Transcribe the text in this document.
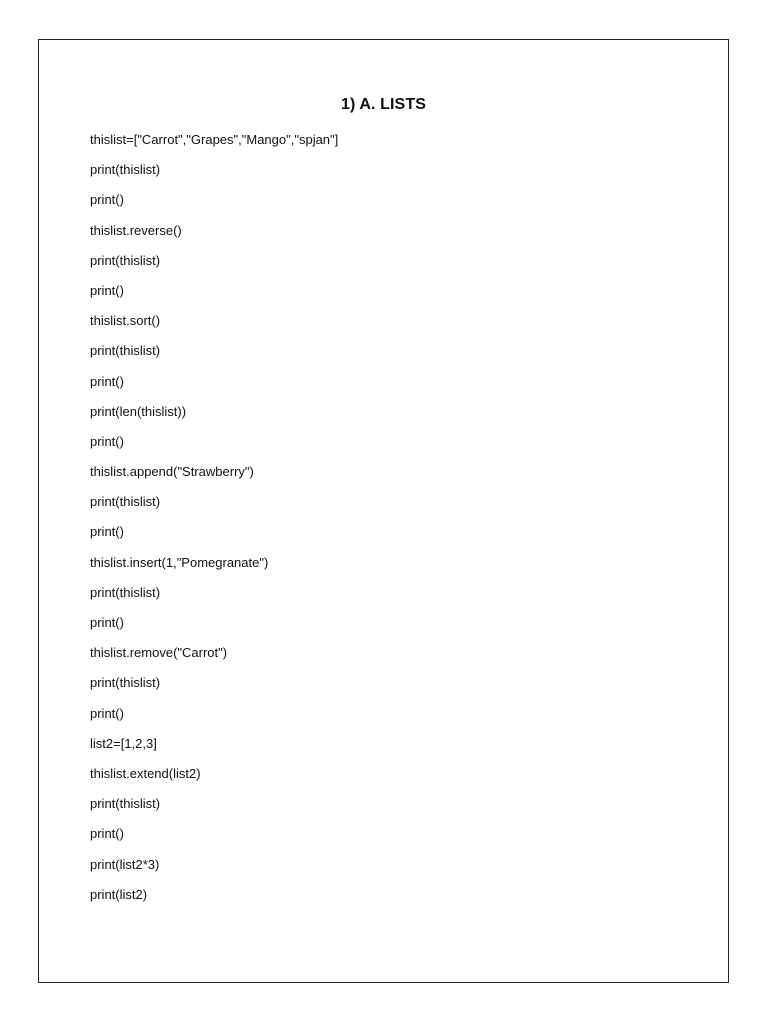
1) A. LISTS
thislist=["Carrot","Grapes","Mango","spjan"]
print(thislist)
print()
thislist.reverse()
print(thislist)
print()
thislist.sort()
print(thislist)
print()
print(len(thislist))
print()
thislist.append("Strawberry")
print(thislist)
print()
thislist.insert(1,"Pomegranate")
print(thislist)
print()
thislist.remove("Carrot")
print(thislist)
print()
list2=[1,2,3]
thislist.extend(list2)
print(thislist)
print()
print(list2*3)
print(list2)
